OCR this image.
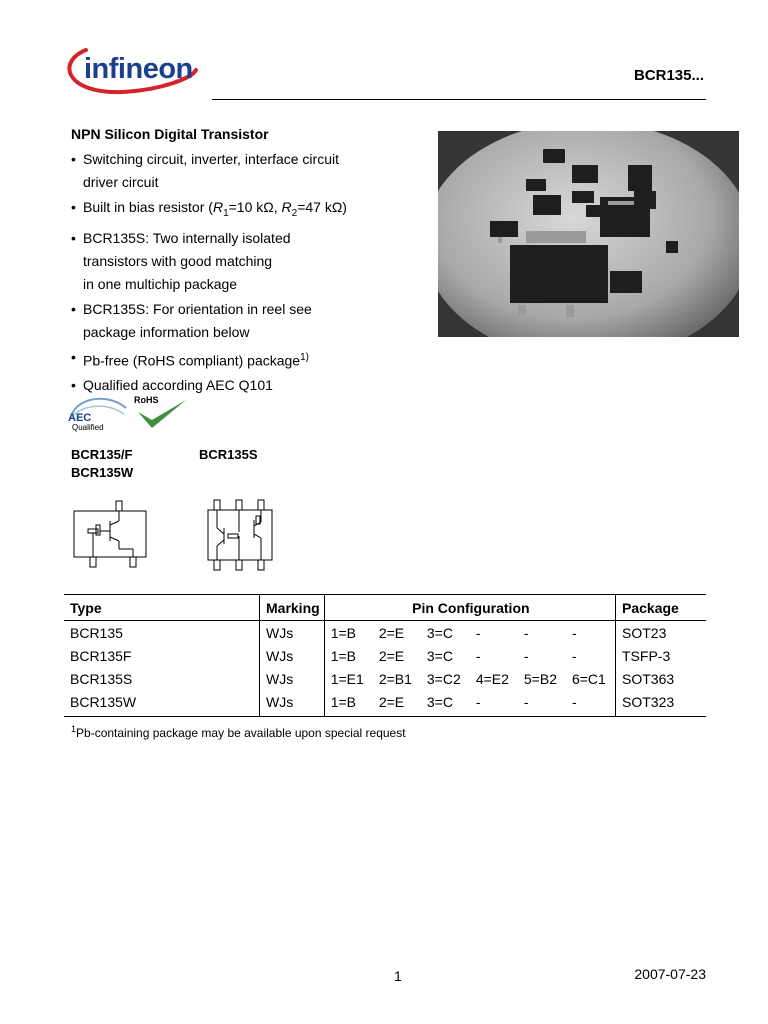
infineon	BCR135...
NPN Silicon Digital Transistor
• Switching circuit, inverter, interface circuit
driver circuit
• Built in bias resistor ($R_1=10$ kΩ, $R_2=47$ kΩ)
• BCR135S: Two internally isolated
transistors with good matching
in one multichip package
• BCR135S: For orientation in reel see
package information below
• Pb-free (RoHS compliant) package$^{1)}$
• Qualified according AEC Q101
AEC
Qualified
RoHS
BCR135/F
BCR135W
BCR135S
Type	Marking	Pin Configuration						Package
BCR135	WJs	1=B	2=E	3=C	-	-	-	SOT23
BCR135F	WJs	1=B	2=E	3=C	-	-	-	TSFP-3
BCR135S	WJs	1=E1	2=B1	3=C2	4=E2	5=B2	6=C1	SOT363
BCR135W	WJs	1=B	2=E	3=C	-	-	-	SOT323
$^1$Pb-containing package may be available upon special request
1	2007-07-23
